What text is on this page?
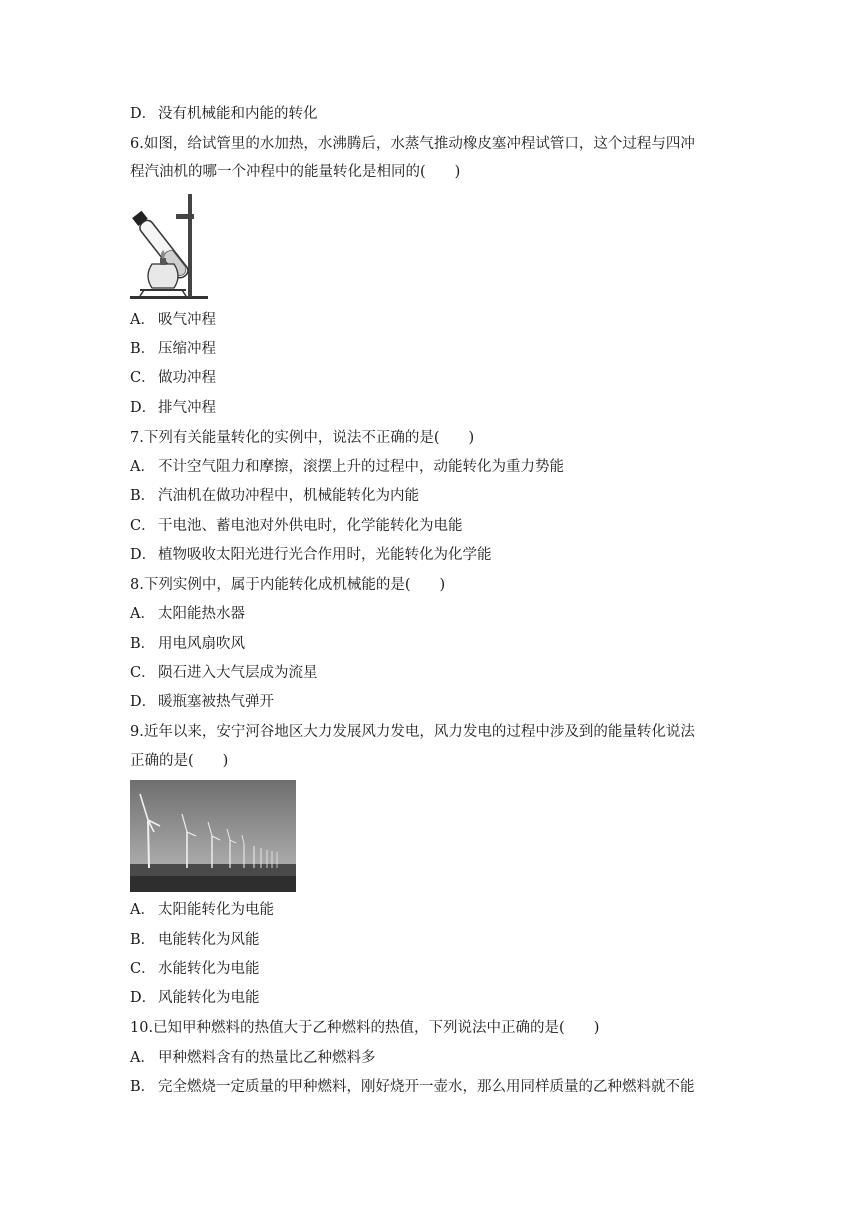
D． 没有机械能和内能的转化
6.如图，给试管里的水加热，水沸腾后，水蒸气推动橡皮塞冲程试管口，这个过程与四冲
程汽油机的哪一个冲程中的能量转化是相同的(　　)
A． 吸气冲程
B． 压缩冲程
C． 做功冲程
D． 排气冲程
7.下列有关能量转化的实例中，说法不正确的是(　　)
A． 不计空气阻力和摩擦，滚摆上升的过程中，动能转化为重力势能
B． 汽油机在做功冲程中，机械能转化为内能
C． 干电池、蓄电池对外供电时，化学能转化为电能
D． 植物吸收太阳光进行光合作用时，光能转化为化学能
8.下列实例中，属于内能转化成机械能的是(　　)
A． 太阳能热水器
B． 用电风扇吹风
C． 陨石进入大气层成为流星
D． 暖瓶塞被热气弹开
9.近年以来，安宁河谷地区大力发展风力发电，风力发电的过程中涉及到的能量转化说法
正确的是(　　)
A． 太阳能转化为电能
B． 电能转化为风能
C． 水能转化为电能
D． 风能转化为电能
10.已知甲种燃料的热值大于乙种燃料的热值，下列说法中正确的是(　　)
A． 甲种燃料含有的热量比乙种燃料多
B． 完全燃烧一定质量的甲种燃料，刚好烧开一壶水，那么用同样质量的乙种燃料就不能
